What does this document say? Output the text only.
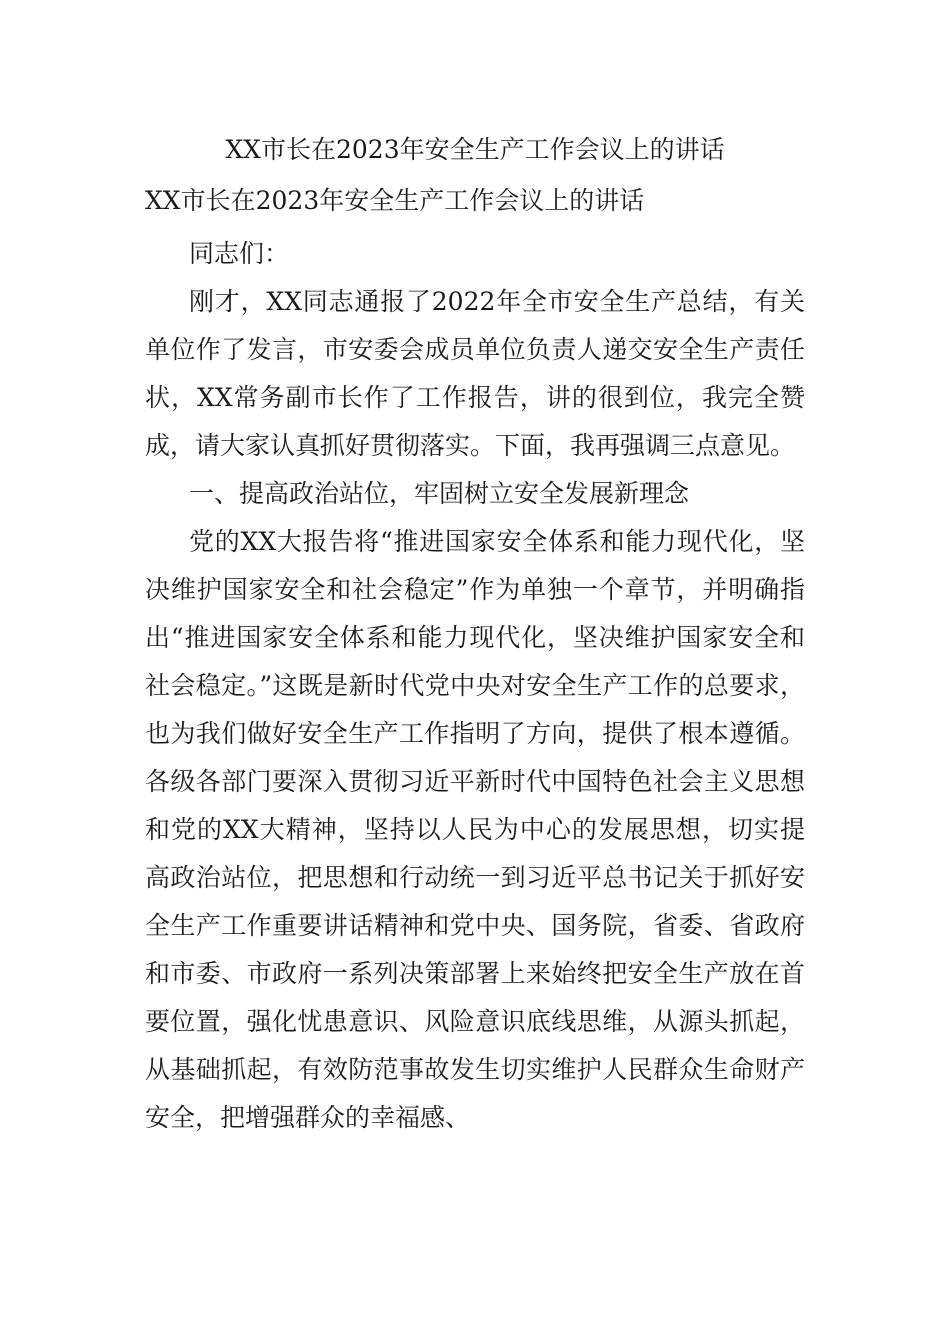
XX市长在2023年安全生产工作会议上的讲话
XX市长在2023年安全生产工作会议上的讲话

同志们：

刚才，XX同志通报了2022年全市安全生产总结，有关单位作了发言，市安委会成员单位负责人递交安全生产责任状，XX常务副市长作了工作报告，讲的很到位，我完全赞成，请大家认真抓好贯彻落实。下面，我再强调三点意见。

一、提高政治站位，牢固树立安全发展新理念

党的XX大报告将“推进国家安全体系和能力现代化，坚决维护国家安全和社会稳定”作为单独一个章节，并明确指出“推进国家安全体系和能力现代化，坚决维护国家安全和社会稳定。”这既是新时代党中央对安全生产工作的总要求，也为我们做好安全生产工作指明了方向，提供了根本遵循。各级各部门要深入贯彻习近平新时代中国特色社会主义思想和党的XX大精神，坚持以人民为中心的发展思想，切实提高政治站位，把思想和行动统一到习近平总书记关于抓好安全生产工作重要讲话精神和党中央、国务院，省委、省政府和市委、市政府一系列决策部署上来始终把安全生产放在首要位置，强化忧患意识、风险意识底线思维，从源头抓起，从基础抓起，有效防范事故发生切实维护人民群众生命财产安全，把增强群众的幸福感、
